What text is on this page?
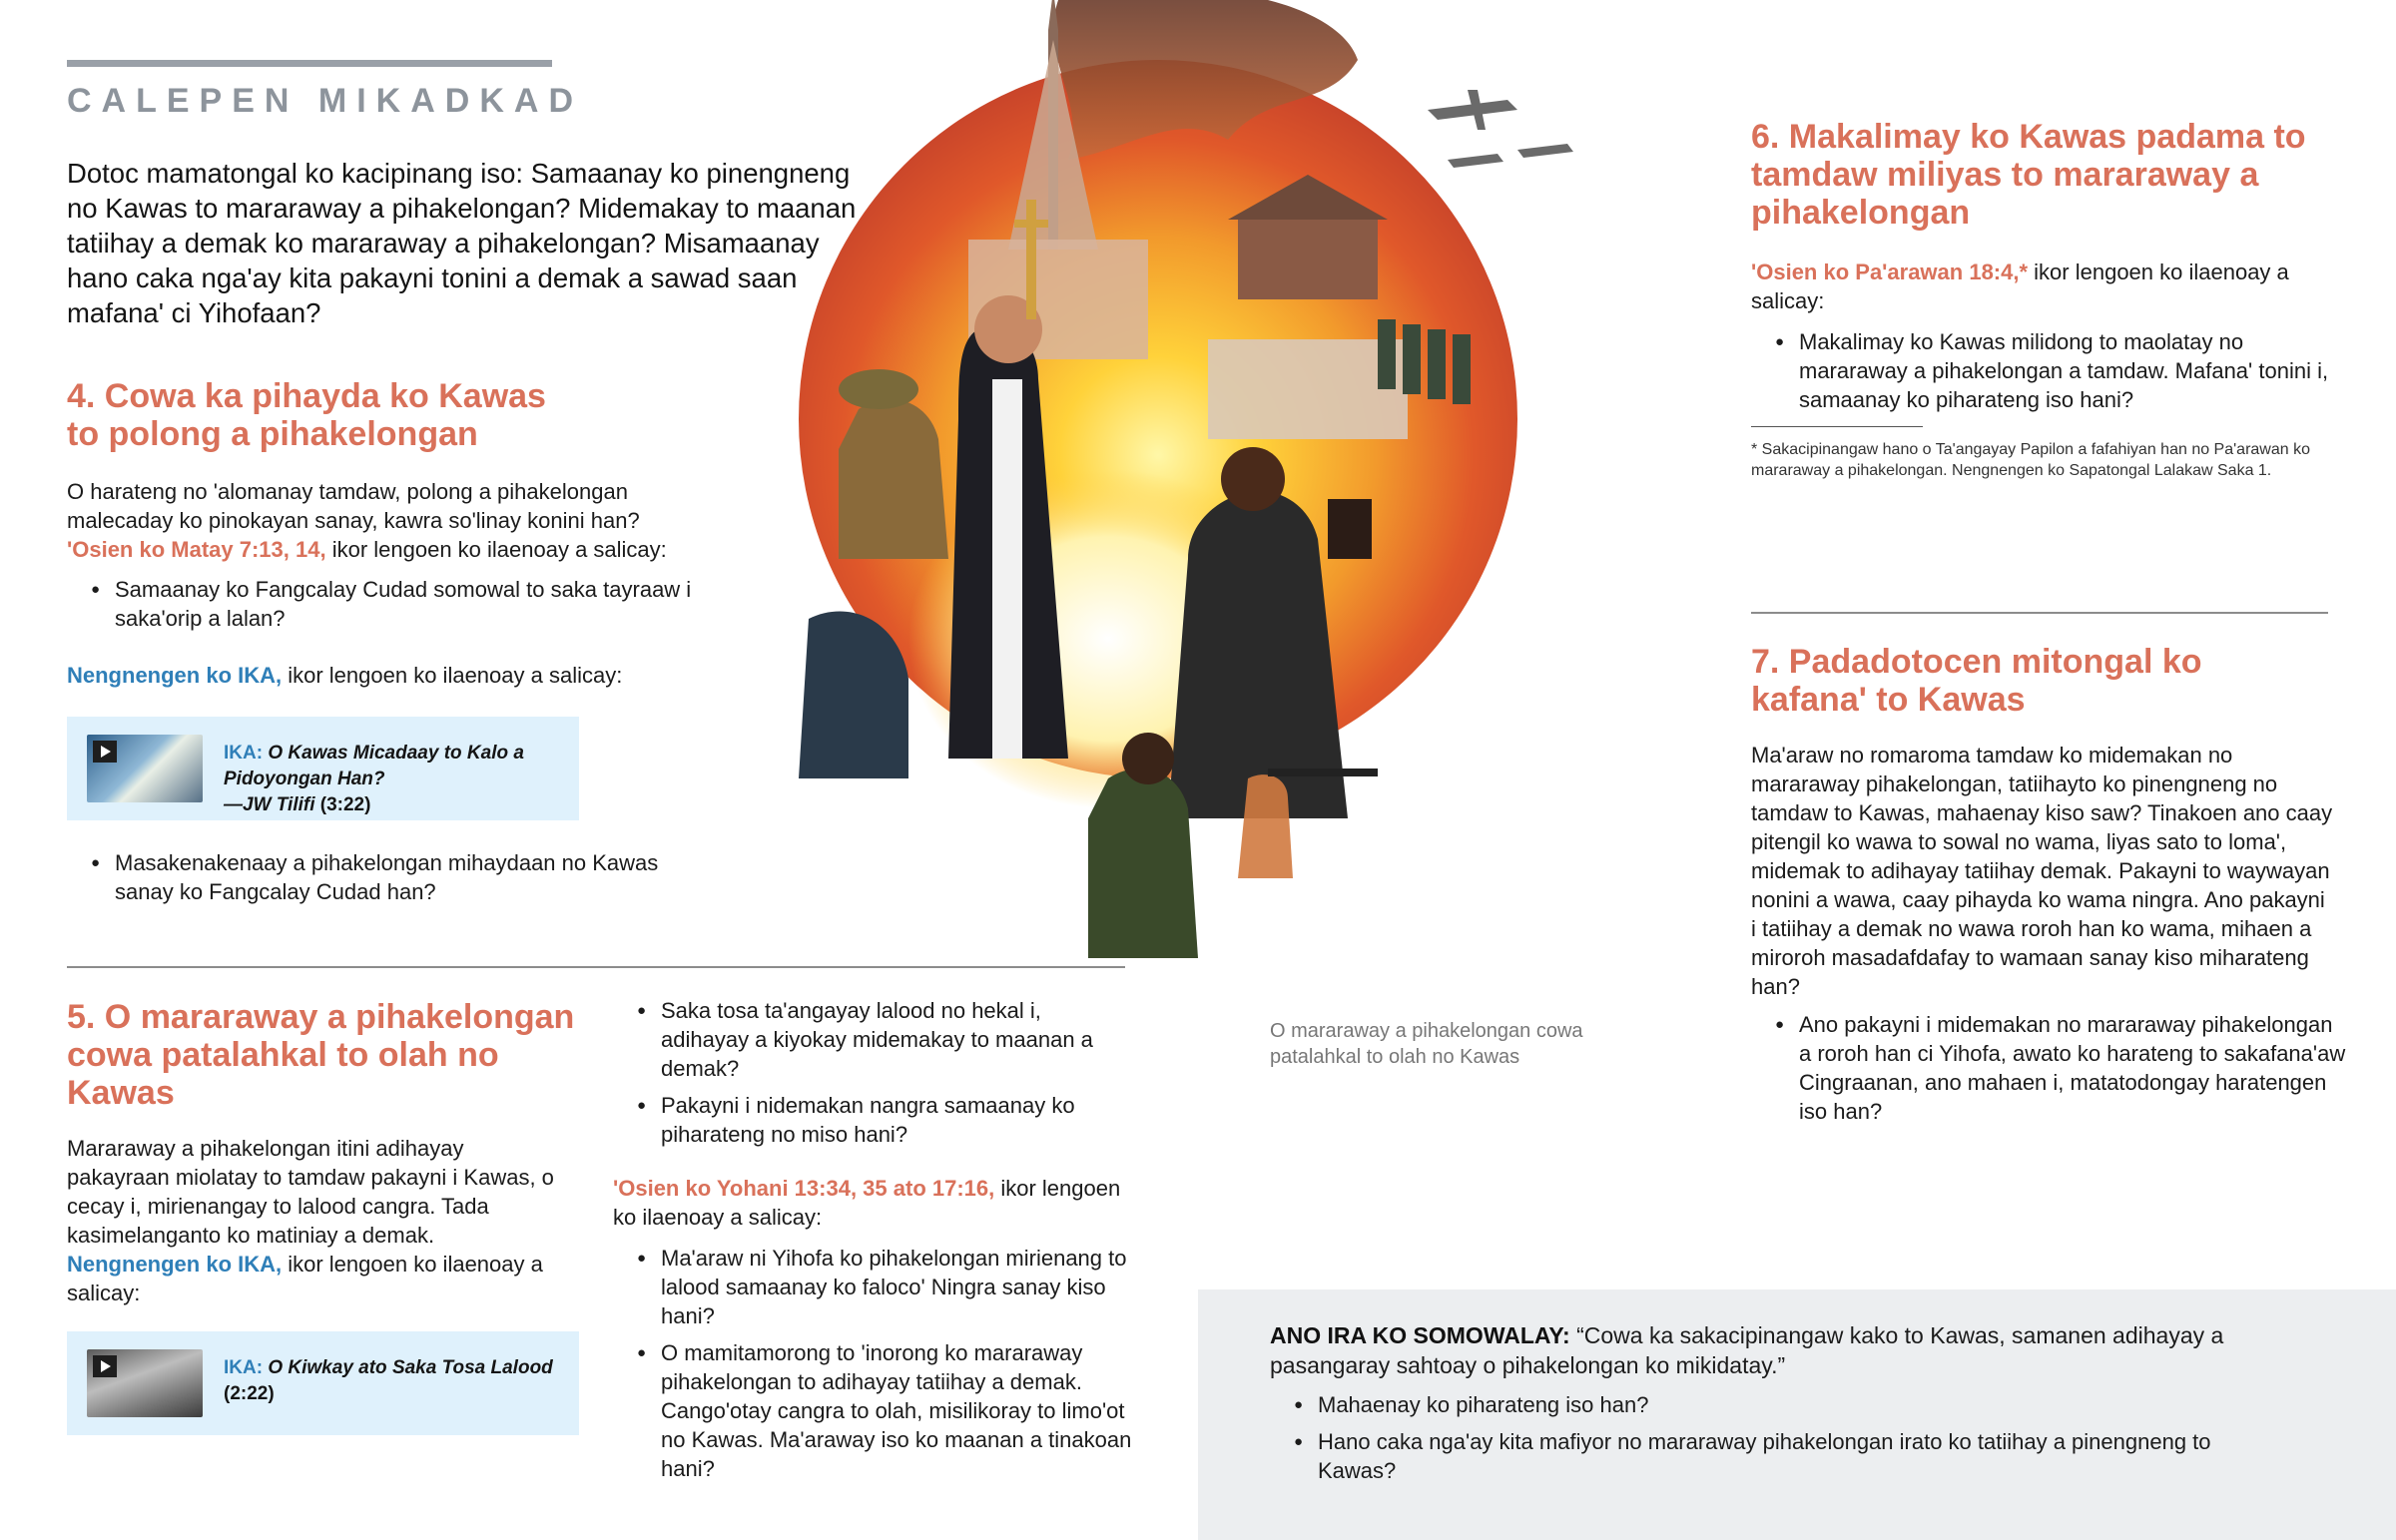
CALEPEN MIKADKAD
Dotoc mamatongal ko kacipinang iso: Samaanay ko pinengneng no Kawas to mararaway a pihakelongan? Midemakay to maanan tatiihay a demak ko mararaway a pihakelongan? Misamaanay hano caka nga'ay kita pakayni tonini a demak a sawad saan mafana' ci Yihofaan?
4. Cowa ka pihayda ko Kawas to polong a pihakelongan
O harateng no 'alomanay tamdaw, polong a pihakelongan malecaday ko pinokayan sanay, kawra so'linay konini han?
'Osien ko Matay 7:13, 14, ikor lengoen ko ilaenoay a salicay:
● Samaanay ko Fangcalay Cudad somowal to saka tayraaw i saka'orip a lalan?
Nengnengen ko IKA, ikor lengoen ko ilaenoay a salicay:
IKA: O Kawas Micadaay to Kalo a Pidoyongan Han?
—JW Tilifi (3:22)
● Masakenakenaay a pihakelongan mihaydaan no Kawas sanay ko Fangcalay Cudad han?
5. O mararaway a pihakelongan cowa patalahkal to olah no Kawas
Mararaway a pihakelongan itini adihayay pakayraan miolatay to tamdaw pakayni i Kawas, o cecay i, mirienangay to lalood cangra. Tada kasimelanganto ko matiniay a demak.
Nengnengen ko IKA, ikor lengoen ko ilaenoay a salicay:
IKA: O Kiwkay ato Saka Tosa Lalood
(2:22)
● Saka tosa ta'angayay lalood no hekal i, adihayay a kiyokay midemakay to maanan a demak?
● Pakayni i nidemakan nangra samaanay ko piharateng no miso hani?
'Osien ko Yohani 13:34, 35 ato 17:16, ikor lengoen ko ilaenoay a salicay:
● Ma'araw ni Yihofa ko pihakelongan mirienang to lalood samaanay ko faloco' Ningra sanay kiso hani?
● O mamitamorong to 'inorong ko mararaway pihakelongan to adihayay tatiihay a demak. Cango'otay cangra to olah, misilikoray to limo'ot no Kawas. Ma'araway iso ko maanan a tinakoan hani?
O mararaway a pihakelongan cowa patalahkal to olah no Kawas
6. Makalimay ko Kawas padama to tamdaw miliyas to mararaway a pihakelongan
'Osien ko Pa'arawan 18:4,* ikor lengoen ko ilaenoay a salicay:
● Makalimay ko Kawas milidong to maolatay no mararaway a pihakelongan a tamdaw. Mafana' tonini i, samaanay ko piharateng iso hani?
* Sakacipinangaw hano o Ta'angayay Papilon a fafahiyan han no Pa'arawan ko mararaway a pihakelongan. Nengnengen ko Sapatongal Lalakaw Saka 1.
7. Padadotocen mitongal ko kafana' to Kawas
Ma'araw no romaroma tamdaw ko midemakan no mararaway pihakelongan, tatiihayto ko pinengneng no tamdaw to Kawas, mahaenay kiso saw? Tinakoen ano caay pitengil ko wawa to sowal no wama, liyas sato to loma', midemak to adihayay tatiihay demak. Pakayni to waywayan nonini a wawa, caay pihayda ko wama ningra. Ano pakayni i tatiihay a demak no wawa roroh han ko wama, mihaen a miroroh masadafdafay to wamaan sanay kiso miharateng han?
● Ano pakayni i midemakan no mararaway pihakelongan a roroh han ci Yihofa, awato ko harateng to sakafana'aw Cingraanan, ano mahaen i, matatodongay haratengen iso han?
ANO IRA KO SOMOWALAY: “Cowa ka sakacipinangaw kako to Kawas, samanen adihayay a pasangaray sahtoay o pihakelongan ko mikidatay.”
● Mahaenay ko piharateng iso han?
● Hano caka nga'ay kita mafiyor no mararaway pihakelongan irato ko tatiihay a pinengneng to Kawas?
